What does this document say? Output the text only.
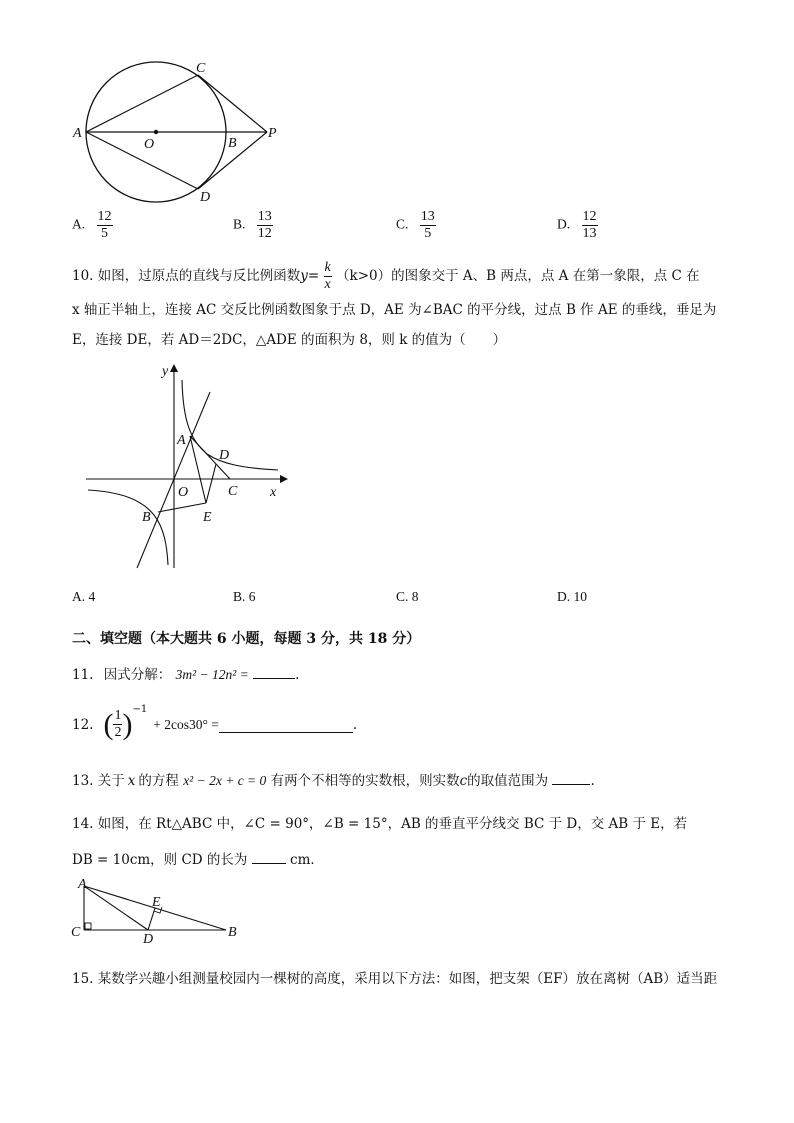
C
A
O	B
P
D
A. $\frac{12}{5}$	B. $\frac{13}{12}$	C. $\frac{13}{5}$	D. $\frac{12}{13}$
10. 如图，过原点的直线与反比例函数$y= \frac{k}{x} (k>0)$的图象交于 A、B 两点，点 A 在第一象限，点 C 在
x 轴正半轴上，连接 AC 交反比例函数图象于点 D，AE 为∠BAC 的平分线，过点 B 作 AE 的垂线，垂足为
E，连接 DE，若 AD＝2DC，△ADE 的面积为 8，则 k 的值为（　　）
y
A
D
O	C x
B	E
A. 4	B. 6	C. 8	D. 10
二、填空题（本大题共 6 小题，每题 3 分，共 18 分）
11. 因式分解： 3m² − 12n² =	.
12. ( $\frac{1}{2}$ ) −1
+ 2cos30° =	.
13. 关于 x 的方程 x² − 2x + c = 0 有两个不相等的实数根，则实数c的取值范围为	.
14. 如图，在 Rt△ABC 中，∠C = 90°，∠B = 15°，AB 的垂直平分线交 BC 于 D，交 AB 于 E，若
DB = 10cm，则 CD 的长为	cm．
A
E
C	D	B
15. 某数学兴趣小组测量校园内一棵树的高度，采用以下方法：如图，把支架（EF）放在离树（AB）适当距
